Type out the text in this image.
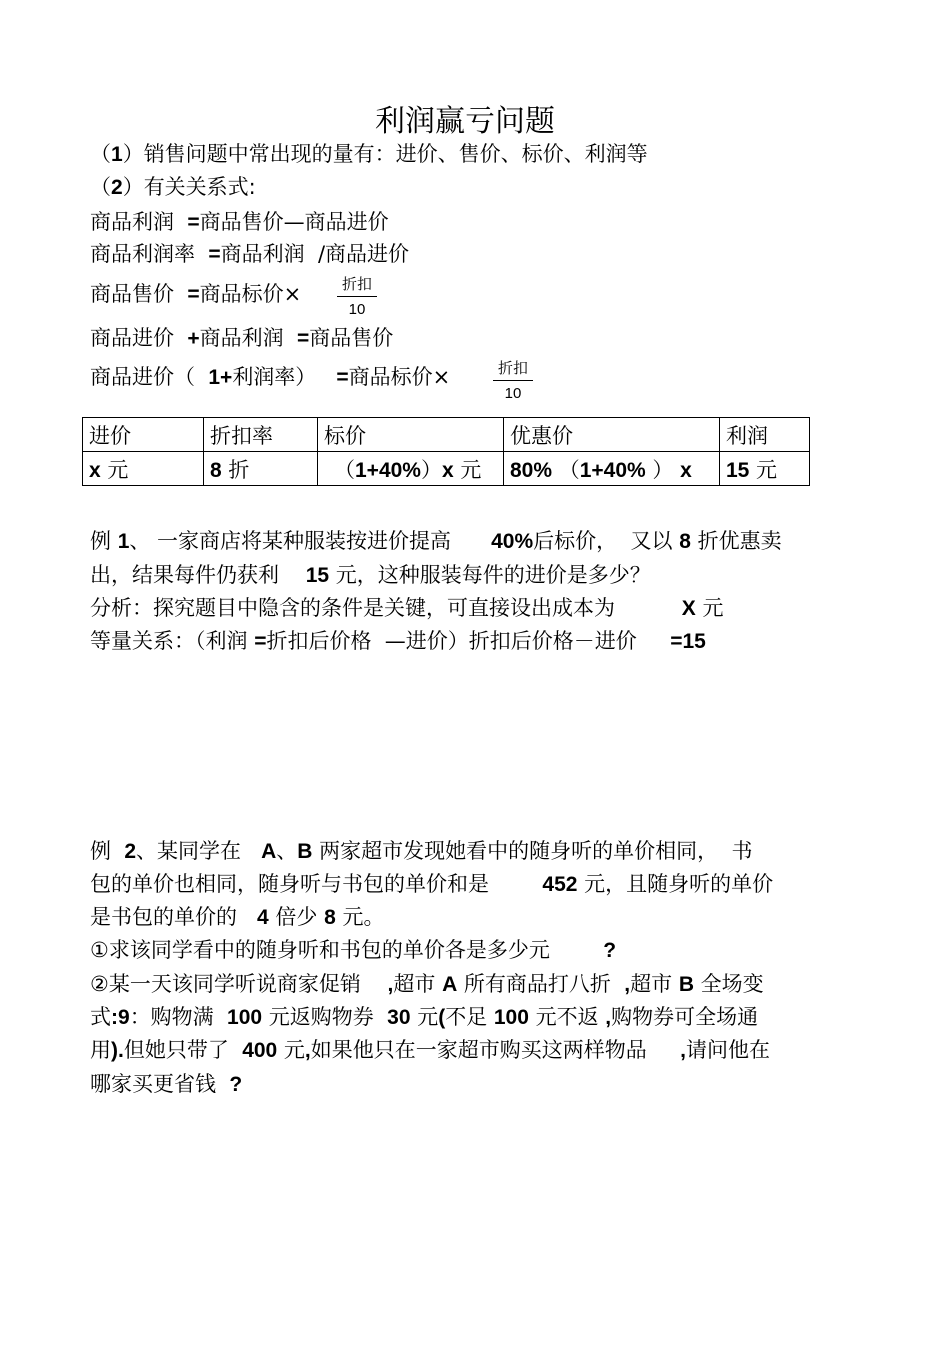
利润赢亏问题
（1）销售问题中常出现的量有：进价、售价、标价、利润等
（2）有关关系式:
商品利润 =商品售价—商品进价
商品利润率 =商品利润 /商品进价
商品售价 =商品标价×	折扣
10
商品进价 +商品利润 =商品售价
商品进价（ 1+利润率） =商品标价×	折扣
10
进价	折扣率	标价	优惠价	利润
x 元	8 折	（1+40%）x 元	80% （1+40% ） x	15 元
例 1、 一家商店将某种服装按进价提高 40%后标价，  又以 8 折优惠卖
出，结果每件仍获利 15 元，这种服装每件的进价是多少？
分析：探究题目中隐含的条件是关键，可直接设出成本为	X 元
等量关系：（利润 =折扣后价格  —进价）折扣后价格－进价 =15
例 2、某同学在 A、B 两家超市发现她看中的随身听的单价相同，  书
包的单价也相同，随身听与书包的单价和是	452 元，且随身听的单价
是书包的单价的 4 倍少 8 元。
①求该同学看中的随身听和书包的单价各是多少元	?
②某一天该同学听说商家促销 ,超市 A 所有商品打八折 ,超市 B 全场变
式:9：购物满 100 元返购物券 30 元(不足 100 元不返 ,购物券可全场通
用).但她只带了 400 元,如果他只在一家超市购买这两样物品 ,请问他在
哪家买更省钱 ?
